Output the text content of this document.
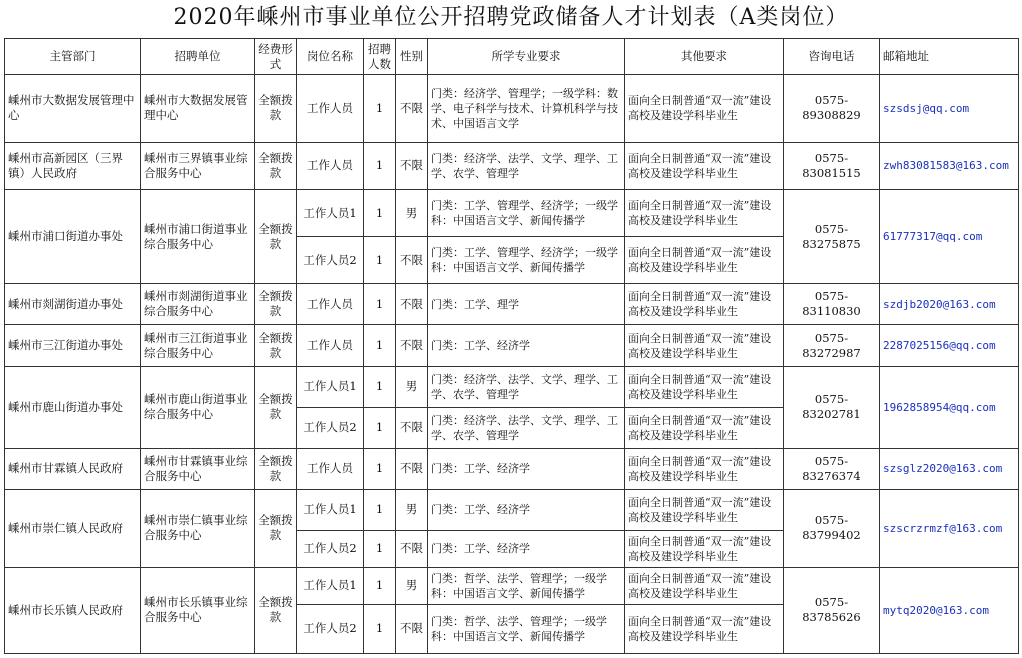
2020年嵊州市事业单位公开招聘党政储备人才计划表（A类岗位）
主管部门	招聘单位	经费形式	岗位名称	招聘人数	性别	所学专业要求	其他要求	咨询电话	邮箱地址
嵊州市大数据发展管理中心	嵊州市大数据发展管理中心	全额拨款	工作人员	1	不限	门类：经济学、管理学；一级学科：数学、电子科学与技术、计算机科学与技术、中国语言文学	面向全日制普通“双一流”建设高校及建设学科毕业生	0575-89308829	szsdsj@qq.com
嵊州市高新园区（三界镇）人民政府	嵊州市三界镇事业综合服务中心	全额拨款	工作人员	1	不限	门类：经济学、法学、文学、理学、工学、农学、管理学	面向全日制普通“双一流”建设高校及建设学科毕业生	0575-83081515	zwh83081583@163.com
嵊州市浦口街道办事处	嵊州市浦口街道事业综合服务中心	全额拨款	工作人员1	1	男	门类：工学、管理学、经济学；一级学科：中国语言文学、新闻传播学	面向全日制普通“双一流”建设高校及建设学科毕业生	0575-83275875	61777317@qq.com
			工作人员2	1	不限	门类：工学、管理学、经济学；一级学科：中国语言文学、新闻传播学	面向全日制普通“双一流”建设高校及建设学科毕业生		
嵊州市剡湖街道办事处	嵊州市剡湖街道事业综合服务中心	全额拨款	工作人员	1	不限	门类：工学、理学	面向全日制普通“双一流”建设高校及建设学科毕业生	0575-83110830	szdjb2020@163.com
嵊州市三江街道办事处	嵊州市三江街道事业综合服务中心	全额拨款	工作人员	1	不限	门类：工学、经济学	面向全日制普通“双一流”建设高校及建设学科毕业生	0575-83272987	2287025156@qq.com
嵊州市鹿山街道办事处	嵊州市鹿山街道事业综合服务中心	全额拨款	工作人员1	1	男	门类：经济学、法学、文学、理学、工学、农学、管理学	面向全日制普通“双一流”建设高校及建设学科毕业生	0575-83202781	1962858954@qq.com
			工作人员2	1	不限	门类：经济学、法学、文学、理学、工学、农学、管理学	面向全日制普通“双一流”建设高校及建设学科毕业生		
嵊州市甘霖镇人民政府	嵊州市甘霖镇事业综合服务中心	全额拨款	工作人员	1	不限	门类：工学、经济学	面向全日制普通“双一流”建设高校及建设学科毕业生	0575-83276374	szsglz2020@163.com
嵊州市崇仁镇人民政府	嵊州市崇仁镇事业综合服务中心	全额拨款	工作人员1	1	男	门类：工学、经济学	面向全日制普通“双一流”建设高校及建设学科毕业生	0575-83799402	szscrzrmzf@163.com
			工作人员2	1	不限	门类：工学、经济学	面向全日制普通“双一流”建设高校及建设学科毕业生		
嵊州市长乐镇人民政府	嵊州市长乐镇事业综合服务中心	全额拨款	工作人员1	1	男	门类：哲学、法学、管理学；一级学科：中国语言文学、新闻传播学	面向全日制普通“双一流”建设高校及建设学科毕业生	0575-83785626	mytq2020@163.com
			工作人员2	1	不限	门类：哲学、法学、管理学；一级学科：中国语言文学、新闻传播学	面向全日制普通“双一流”建设高校及建设学科毕业生		
